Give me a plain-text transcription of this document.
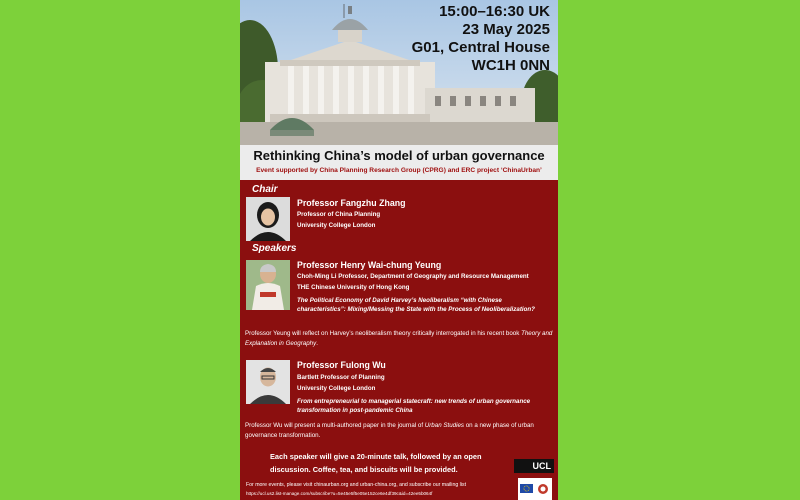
15:00–16:30 UK
23 May 2025
G01, Central House
WC1H 0NN
Rethinking China’s model of urban governance
Event supported by China Planning Research Group (CPRG) and ERC project ‘ChinaUrban’
Chair
Professor Fangzhu Zhang
Professor of China Planning
University College London
Speakers
Professor Henry Wai-chung Yeung
Choh-Ming Li Professor, Department of Geography and Resource Management
THE Chinese University of Hong Kong
The Political Economy of David Harvey’s Neoliberalism “with Chinese characteristics”: Mixing/Messing the State with the Process of Neoliberalization?
Professor Yeung will reflect on Harvey’s neoliberalism theory critically interrogated in his recent book Theory and Explanation in Geography.
Professor Fulong Wu
Bartlett Professor of Planning
University College London
From entrepreneurial to managerial statecraft: new trends of urban governance transformation in post-pandemic China
Professor Wu will present a multi-authored paper in the journal of Urban Studies on a new phase of urban governance transformation.
Each speaker will give a 20-minute talk, followed by an open discussion. Coffee, tea, and biscuits will be provided.	UCL
For more events, please visit chinaurban.org and urban-china.org, and subscribe our mailing list
https://ucl.us2.list-manage.com/subscribe?u=5e45e5f5e05e152ce6e4df39c&id=42ee5b064f
